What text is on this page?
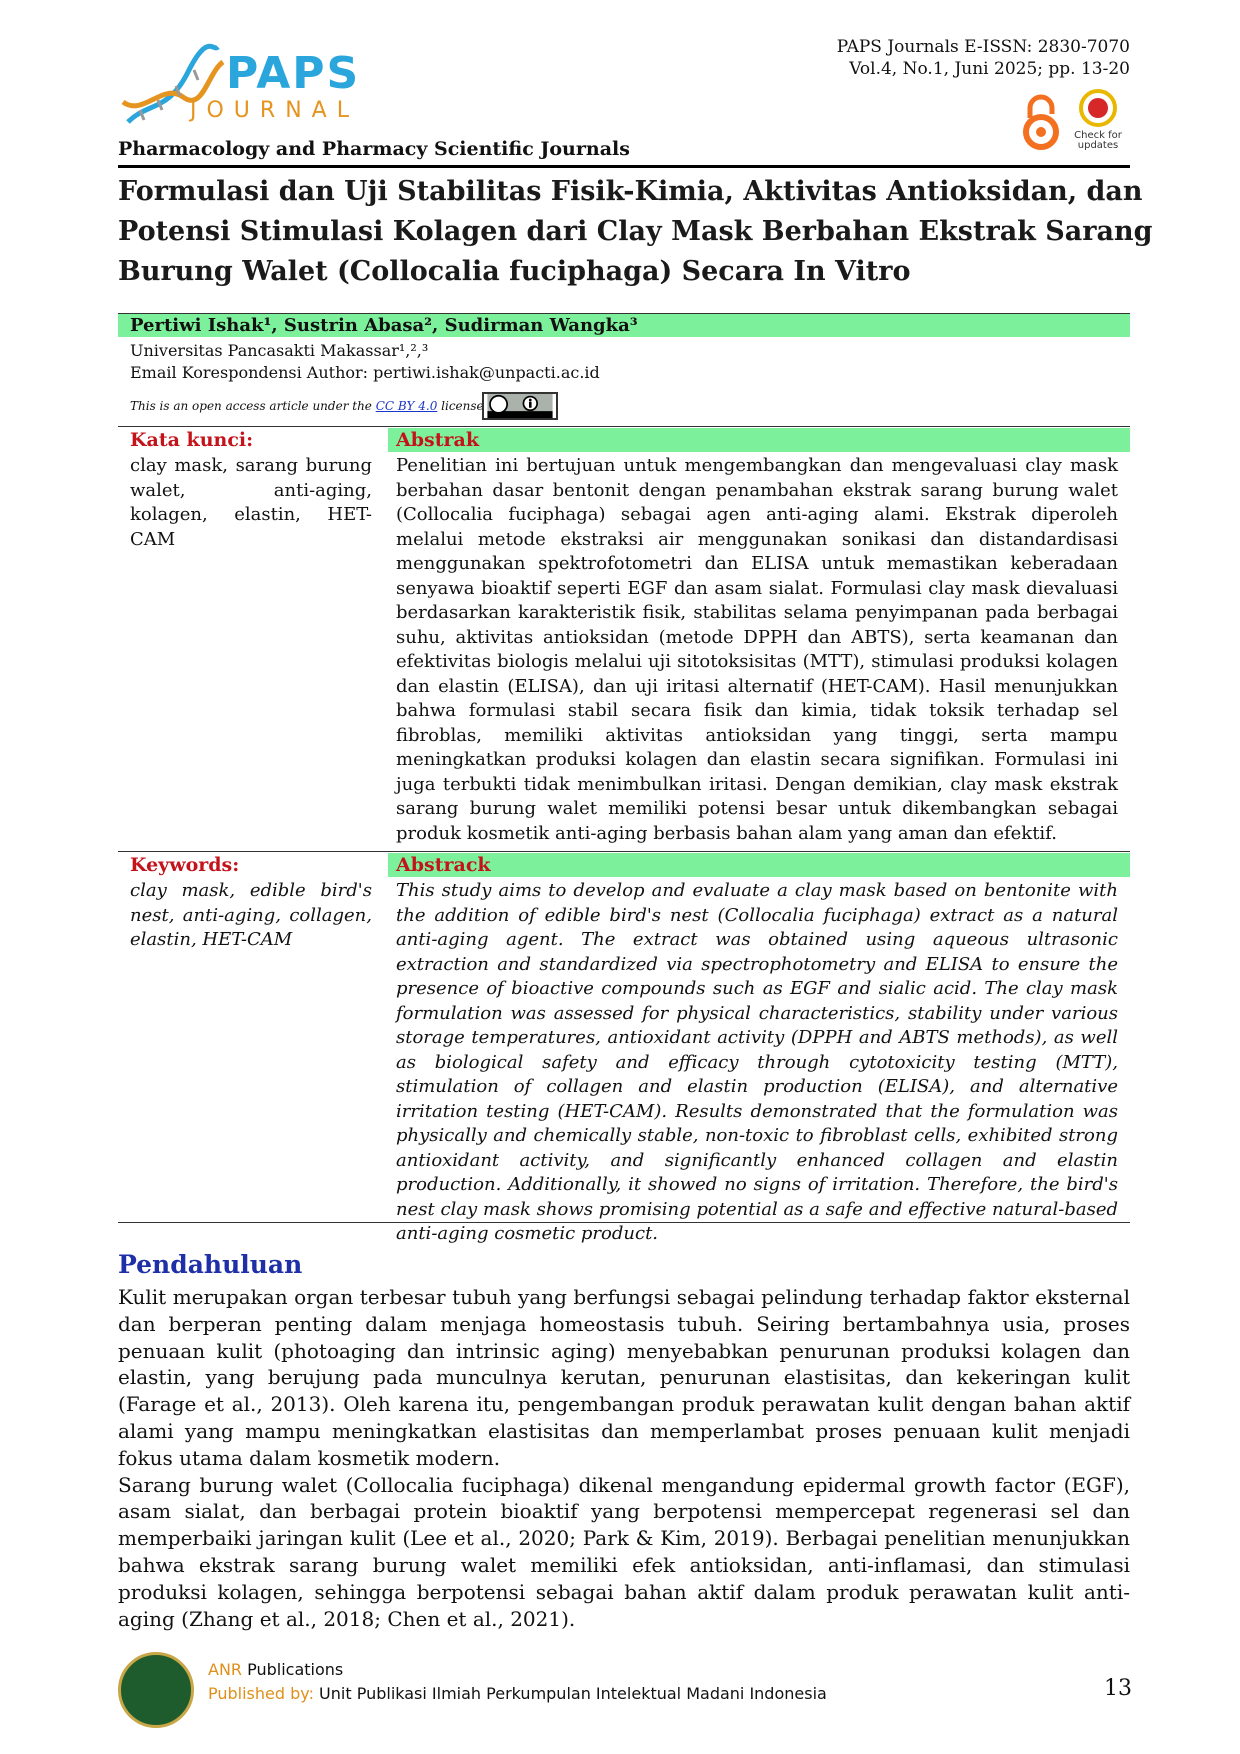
PAPS
JOURNAL
Pharmacology and Pharmacy Scientific Journals
PAPS Journals E-ISSN: 2830-7070
Vol.4, No.1, Juni 2025; pp. 13-20
Check for updates
Formulasi dan Uji Stabilitas Fisik-Kimia, Aktivitas Antioksidan, dan
Potensi Stimulasi Kolagen dari Clay Mask Berbahan Ekstrak Sarang
Burung Walet (Collocalia fuciphaga) Secara In Vitro
Pertiwi Ishak¹, Sustrin Abasa², Sudirman Wangka³
Universitas Pancasakti Makassar¹,²,³
Email Korespondensi Author: pertiwi.ishak@unpacti.ac.id
This is an open access article under the CC BY 4.0 license.
Kata kunci:	Abstrak
clay mask, sarang burung walet, anti-aging, kolagen, elastin, HET-CAM
Penelitian ini bertujuan untuk mengembangkan dan mengevaluasi clay mask berbahan dasar bentonit dengan penambahan ekstrak sarang burung walet (Collocalia fuciphaga) sebagai agen anti-aging alami. Ekstrak diperoleh melalui metode ekstraksi air menggunakan sonikasi dan distandardisasi menggunakan spektrofotometri dan ELISA untuk memastikan keberadaan senyawa bioaktif seperti EGF dan asam sialat. Formulasi clay mask dievaluasi berdasarkan karakteristik fisik, stabilitas selama penyimpanan pada berbagai suhu, aktivitas antioksidan (metode DPPH dan ABTS), serta keamanan dan efektivitas biologis melalui uji sitotoksisitas (MTT), stimulasi produksi kolagen dan elastin (ELISA), dan uji iritasi alternatif (HET-CAM). Hasil menunjukkan bahwa formulasi stabil secara fisik dan kimia, tidak toksik terhadap sel fibroblas, memiliki aktivitas antioksidan yang tinggi, serta mampu meningkatkan produksi kolagen dan elastin secara signifikan. Formulasi ini juga terbukti tidak menimbulkan iritasi. Dengan demikian, clay mask ekstrak sarang burung walet memiliki potensi besar untuk dikembangkan sebagai produk kosmetik anti-aging berbasis bahan alam yang aman dan efektif.
Keywords:	Abstrack
clay mask, edible bird's nest, anti-aging, collagen, elastin, HET-CAM
This study aims to develop and evaluate a clay mask based on bentonite with the addition of edible bird's nest (Collocalia fuciphaga) extract as a natural anti-aging agent. The extract was obtained using aqueous ultrasonic extraction and standardized via spectrophotometry and ELISA to ensure the presence of bioactive compounds such as EGF and sialic acid. The clay mask formulation was assessed for physical characteristics, stability under various storage temperatures, antioxidant activity (DPPH and ABTS methods), as well as biological safety and efficacy through cytotoxicity testing (MTT), stimulation of collagen and elastin production (ELISA), and alternative irritation testing (HET-CAM). Results demonstrated that the formulation was physically and chemically stable, non-toxic to fibroblast cells, exhibited strong antioxidant activity, and significantly enhanced collagen and elastin production. Additionally, it showed no signs of irritation. Therefore, the bird's nest clay mask shows promising potential as a safe and effective natural-based anti-aging cosmetic product.
Pendahuluan

Kulit merupakan organ terbesar tubuh yang berfungsi sebagai pelindung terhadap faktor eksternal dan berperan penting dalam menjaga homeostasis tubuh. Seiring bertambahnya usia, proses penuaan kulit (photoaging dan intrinsic aging) menyebabkan penurunan produksi kolagen dan elastin, yang berujung pada munculnya kerutan, penurunan elastisitas, dan kekeringan kulit (Farage et al., 2013). Oleh karena itu, pengembangan produk perawatan kulit dengan bahan aktif alami yang mampu meningkatkan elastisitas dan memperlambat proses penuaan kulit menjadi fokus utama dalam kosmetik modern.

Sarang burung walet (Collocalia fuciphaga) dikenal mengandung epidermal growth factor (EGF), asam sialat, dan berbagai protein bioaktif yang berpotensi mempercepat regenerasi sel dan memperbaiki jaringan kulit (Lee et al., 2020; Park & Kim, 2019). Berbagai penelitian menunjukkan bahwa ekstrak sarang burung walet memiliki efek antioksidan, anti-inflamasi, dan stimulasi produksi kolagen, sehingga berpotensi sebagai bahan aktif dalam produk perawatan kulit anti-aging (Zhang et al., 2018; Chen et al., 2021).

ANR Publications
Published by: Unit Publikasi Ilmiah Perkumpulan Intelektual Madani Indonesia	13
